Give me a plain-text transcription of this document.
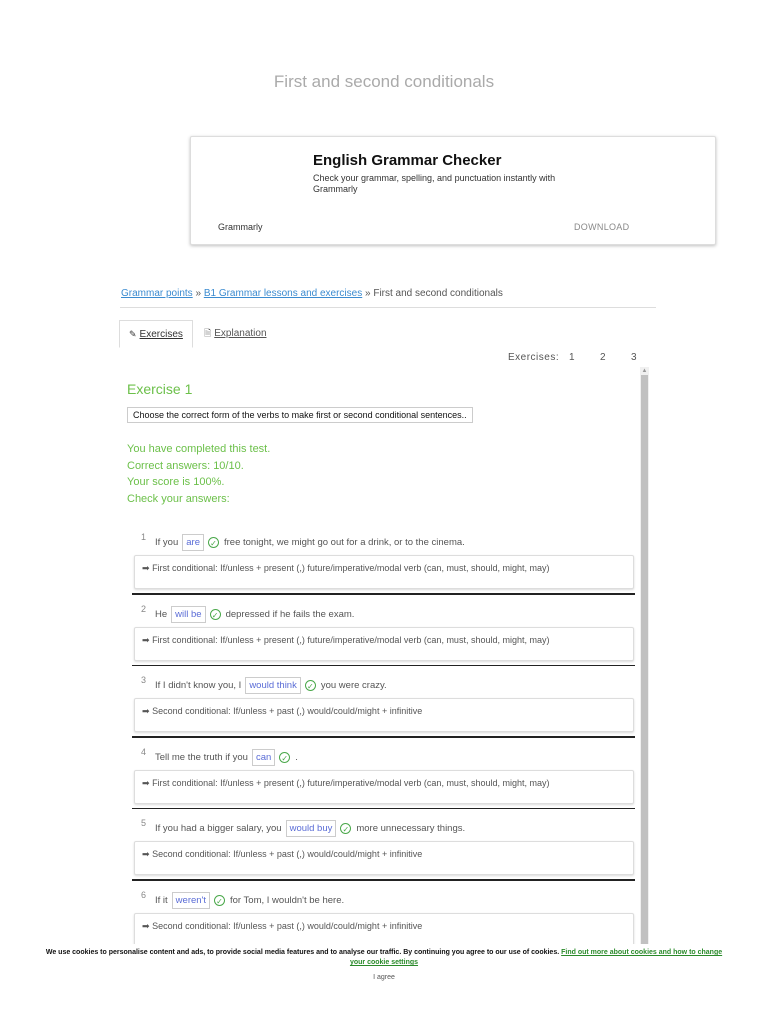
First and second conditionals
English Grammar Checker
Check your grammar, spelling, and punctuation instantly with Grammarly
Grammarly	DOWNLOAD
Grammar points » B1 Grammar lessons and exercises » First and second conditionals
✎ Exercises	🗎 Explanation
Exercises: 1	2	3
Exercise 1
Choose the correct form of the verbs to make first or second conditional sentences..
You have completed this test.
Correct answers: 10/10.
Your score is 100%.
Check your answers:
1 If you are	✓ free tonight, we might go out for a drink, or to the cinema.
➡ First conditional: If/unless + present (,) future/imperative/modal verb (can, must, should, might, may)
2 He will be	✓ depressed if he fails the exam.
➡ First conditional: If/unless + present (,) future/imperative/modal verb (can, must, should, might, may)
3 If I didn't know you, I would think	✓ you were crazy.
➡ Second conditional: If/unless + past (,) would/could/might + infinitive
4 Tell me the truth if you can	✓ .
➡ First conditional: If/unless + present (,) future/imperative/modal verb (can, must, should, might, may)
5 If you had a bigger salary, you would buy	✓ more unnecessary things.
➡ Second conditional: If/unless + past (,) would/could/might + infinitive
6 If it weren't	✓ for Tom, I wouldn't be here.
➡ Second conditional: If/unless + past (,) would/could/might + infinitive
▲
We use cookies to personalise content and ads, to provide social media features and to analyse our traffic. By continuing you agree to our use of cookies. Find out more about cookies and how to change your cookie settings
I agree
